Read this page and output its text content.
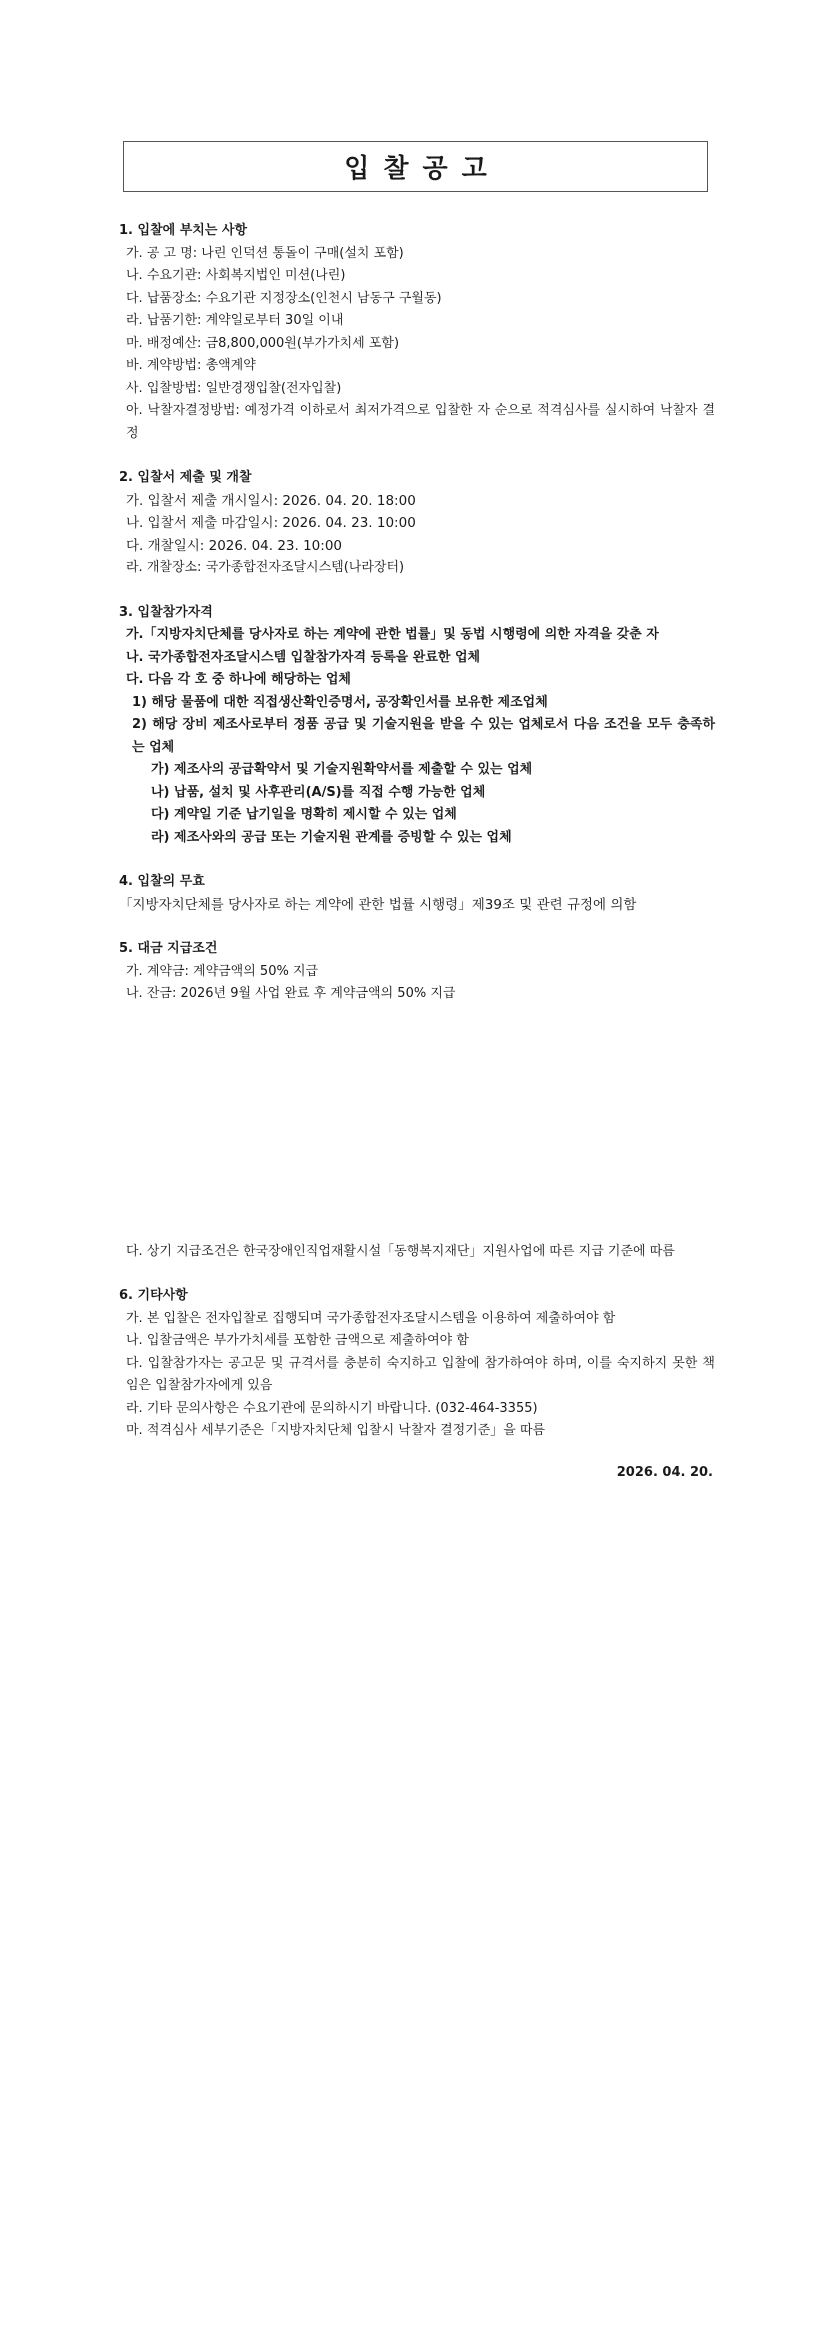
입찰공고

1. 입찰에 부치는 사항

가. 공 고 명: 나린 인덕션 통돌이 구매(설치 포함)

나. 수요기관: 사회복지법인 미션(나린)

다. 납품장소: 수요기관 지정장소(인천시 남동구 구월동)

라. 납품기한: 계약일로부터 30일 이내

마. 배정예산: 금8,800,000원(부가가치세 포함)

바. 계약방법: 총액계약

사. 입찰방법: 일반경쟁입찰(전자입찰)

아. 낙찰자결정방법: 예정가격 이하로서 최저가격으로 입찰한 자 순으로 적격심사를 실시하여 낙찰자 결정

2. 입찰서 제출 및 개찰

가. 입찰서 제출 개시일시: 2026. 04. 20. 18:00

나. 입찰서 제출 마감일시: 2026. 04. 23. 10:00

다. 개찰일시: 2026. 04. 23. 10:00

라. 개찰장소: 국가종합전자조달시스템(나라장터)

3. 입찰참가자격

가.「지방자치단체를 당사자로 하는 계약에 관한 법률」및 동법 시행령에 의한 자격을 갖춘 자

나. 국가종합전자조달시스템 입찰참가자격 등록을 완료한 업체

다. 다음 각 호 중 하나에 해당하는 업체

1) 해당 물품에 대한 직접생산확인증명서, 공장확인서를 보유한 제조업체

2) 해당 장비 제조사로부터 정품 공급 및 기술지원을 받을 수 있는 업체로서 다음 조건을 모두 충족하는 업체

가) 제조사의 공급확약서 및 기술지원확약서를 제출할 수 있는 업체

나) 납품, 설치 및 사후관리(A/S)를 직접 수행 가능한 업체

다) 계약일 기준 납기일을 명확히 제시할 수 있는 업체

라) 제조사와의 공급 또는 기술지원 관계를 증빙할 수 있는 업체

4. 입찰의 무효

「지방자치단체를 당사자로 하는 계약에 관한 법률 시행령」제39조 및 관련 규정에 의함

5. 대금 지급조건

가. 계약금: 계약금액의 50% 지급

나. 잔금: 2026년 9월 사업 완료 후 계약금액의 50% 지급

다. 상기 지급조건은 한국장애인직업재활시설「동행복지재단」지원사업에 따른 지급 기준에 따름

6. 기타사항

가. 본 입찰은 전자입찰로 집행되며 국가종합전자조달시스템을 이용하여 제출하여야 함

나. 입찰금액은 부가가치세를 포함한 금액으로 제출하여야 함

다. 입찰참가자는 공고문 및 규격서를 충분히 숙지하고 입찰에 참가하여야 하며, 이를 숙지하지 못한 책임은 입찰참가자에게 있음

라. 기타 문의사항은 수요기관에 문의하시기 바랍니다. (032-464-3355)

마. 적격심사 세부기준은「지방자치단체 입찰시 낙찰자 결정기준」을 따름

2026. 04. 20.
